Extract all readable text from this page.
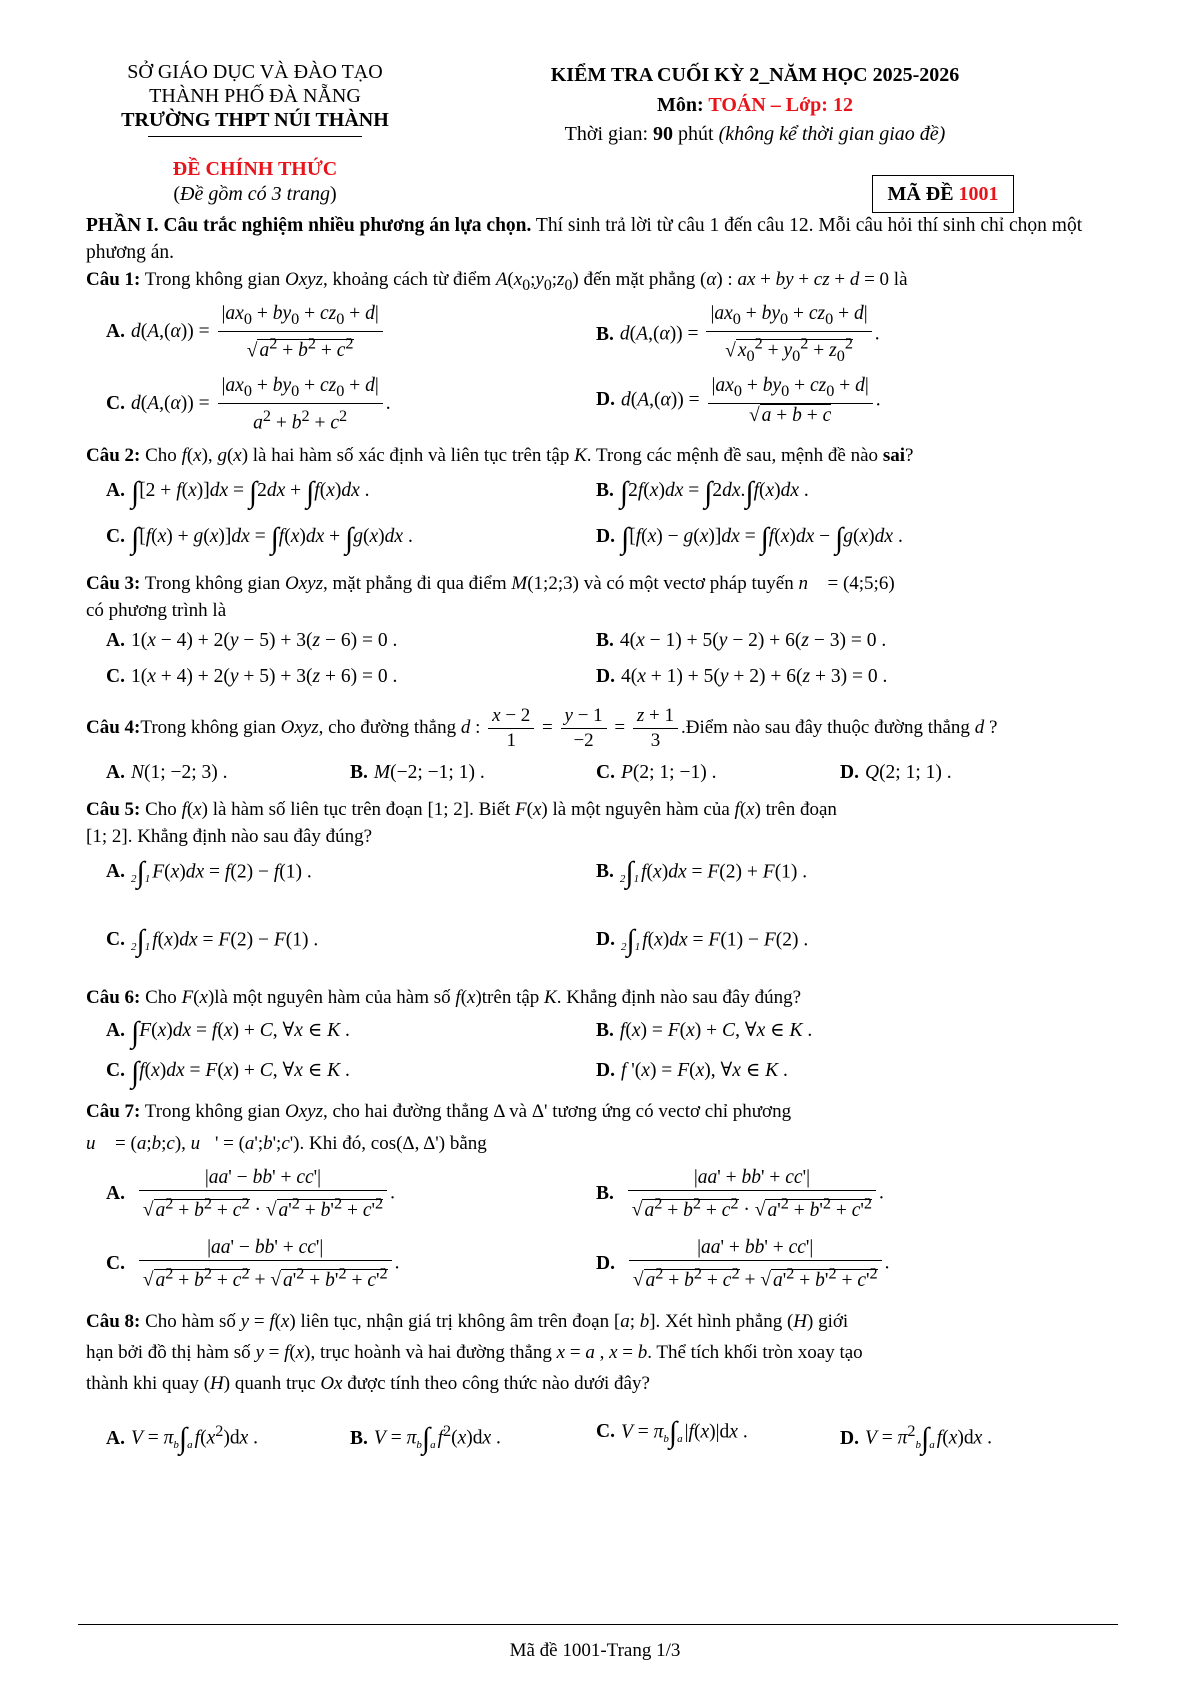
SỞ GIÁO DỤC VÀ ĐÀO TẠO
THÀNH PHỐ ĐÀ NẴNG
TRƯỜNG THPT NÚI THÀNH
KIỂM TRA CUỐI KỲ 2_NĂM HỌC 2025-2026
Môn: TOÁN – Lớp: 12
Thời gian: 90 phút (không kể thời gian giao đề)
ĐỀ CHÍNH THỨC
(Đề gồm có 3 trang)	MÃ ĐỀ 1001
PHẦN I. Câu trắc nghiệm nhiều phương án lựa chọn. Thí sinh trả lời từ câu 1 đến câu 12. Mỗi câu hỏi thí sinh chỉ chọn một phương án.
Câu 1: Trong không gian Oxyz, khoảng cách từ điểm $A(x_0;y_0;z_0)$ đến mặt phẳng (α) : ax + by + cz + d = 0 là
A. $d(A,(\alpha)) = \frac{|ax_0 + by_0 + cz_0 + d|}{√ a^2 + b^2 + c^2}$	B. $d(A,(\alpha)) = \frac{|ax_0 + by_0 + cz_0 + d|}{√ x_0^2 + y_0^2 + z_0^2}$ .
C. $d(A,(\alpha)) = \frac{|ax_0 + by_0 + cz_0 + d|}{a^2 + b^2 + c^2}$ .	D. $d(A,(\alpha)) = \frac{|ax_0 + by_0 + cz_0 + d|}{√ a + b + c}$ .
Câu 2: Cho f(x), g(x) là hai hàm số xác định và liên tục trên tập K. Trong các mệnh đề sau, mệnh đề nào sai?
A. ∫[2 + f(x)]dx = ∫2dx + ∫f(x)dx .	B. ∫2f(x)dx = ∫2dx.∫f(x)dx .
C. ∫[f(x) + g(x)]dx = ∫f(x)dx + ∫g(x)dx .	D. ∫[f(x) − g(x)]dx = ∫f(x)dx − ∫g(x)dx .
Câu 3: Trong không gian Oxyz, mặt phẳng đi qua điểm M(1;2;3) và có một vectơ pháp tuyến n⃗ = (4;5;6)
có phương trình là
A. 1(x − 4) + 2(y − 5) + 3(z − 6) = 0 .	B. 4(x − 1) + 5(y − 2) + 6(z − 3) = 0 .
C. 1(x + 4) + 2(y + 5) + 3(z + 6) = 0 .	D. 4(x + 1) + 5(y + 2) + 6(z + 3) = 0 .
Câu 4:Trong không gian Oxyz, cho đường thẳng d : $\frac{x - 2}{1} = \frac{y - 1}{-2} = \frac{z + 1}{3}$ .Điểm nào sau đây thuộc đường thẳng d ?
A. N(1; −2; 3) .	B. M(−2; −1; 1) .	C. P(2; 1; −1) .	D. Q(2; 1; 1) .
Câu 5: Cho f(x) là hàm số liên tục trên đoạn [1; 2]. Biết F(x) là một nguyên hàm của f(x) trên đoạn
[1; 2]. Khẳng định nào sau đây đúng?
A. 2∫1 F(x)dx = f(2) − f(1) .	B. 2∫1 f(x)dx = F(2) + F(1) .
C. 2∫1 f(x)dx = F(2) − F(1) .	D. 2∫1 f(x)dx = F(1) − F(2) .
Câu 6: Cho F(x)là một nguyên hàm của hàm số f(x)trên tập K. Khẳng định nào sau đây đúng?
A. ∫F(x)dx = f(x) + C, ∀x ∈ K .	B. f(x) = F(x) + C, ∀x ∈ K .
C. ∫f(x)dx = F(x) + C, ∀x ∈ K .	D. f '(x) = F(x), ∀x ∈ K .
Câu 7: Trong không gian Oxyz, cho hai đường thẳng Δ và Δ' tương ứng có vectơ chỉ phương
u⃗ = (a;b;c), u⃗' = (a';b';c'). Khi đó, cos(Δ, Δ') bằng
A. $\frac{|aa' - bb' + cc'|}{√ a^2 + b^2 + c^2 \cdot √ a'^2 + b'^2 + c'^2}$ .	B. $\frac{|aa' + bb' + cc'|}{√ a^2 + b^2 + c^2 \cdot √ a'^2 + b'^2 + c'^2}$ .
C. $\frac{|aa' - bb' + cc'|}{√ a^2 + b^2 + c^2 + √ a'^2 + b'^2 + c'^2}$ .	D. $\frac{|aa' + bb' + cc'|}{√ a^2 + b^2 + c^2 + √ a'^2 + b'^2 + c'^2}$ .
Câu 8: Cho hàm số y = f(x) liên tục, nhận giá trị không âm trên đoạn [a; b]. Xét hình phẳng (H) giới
hạn bởi đồ thị hàm số y = f(x), trục hoành và hai đường thẳng x = a , x = b. Thể tích khối tròn xoay tạo
thành khi quay (H) quanh trục Ox được tính theo công thức nào dưới đây?
A. V = πb∫a $f(x^2)dx$ .	B. V = πb∫a $f^2(x)dx$ .	C. V = πb∫a |f(x)|dx .	D. $V = \pi^2b\int a$ f(x)dx .
Mã đề 1001-Trang 1/3
